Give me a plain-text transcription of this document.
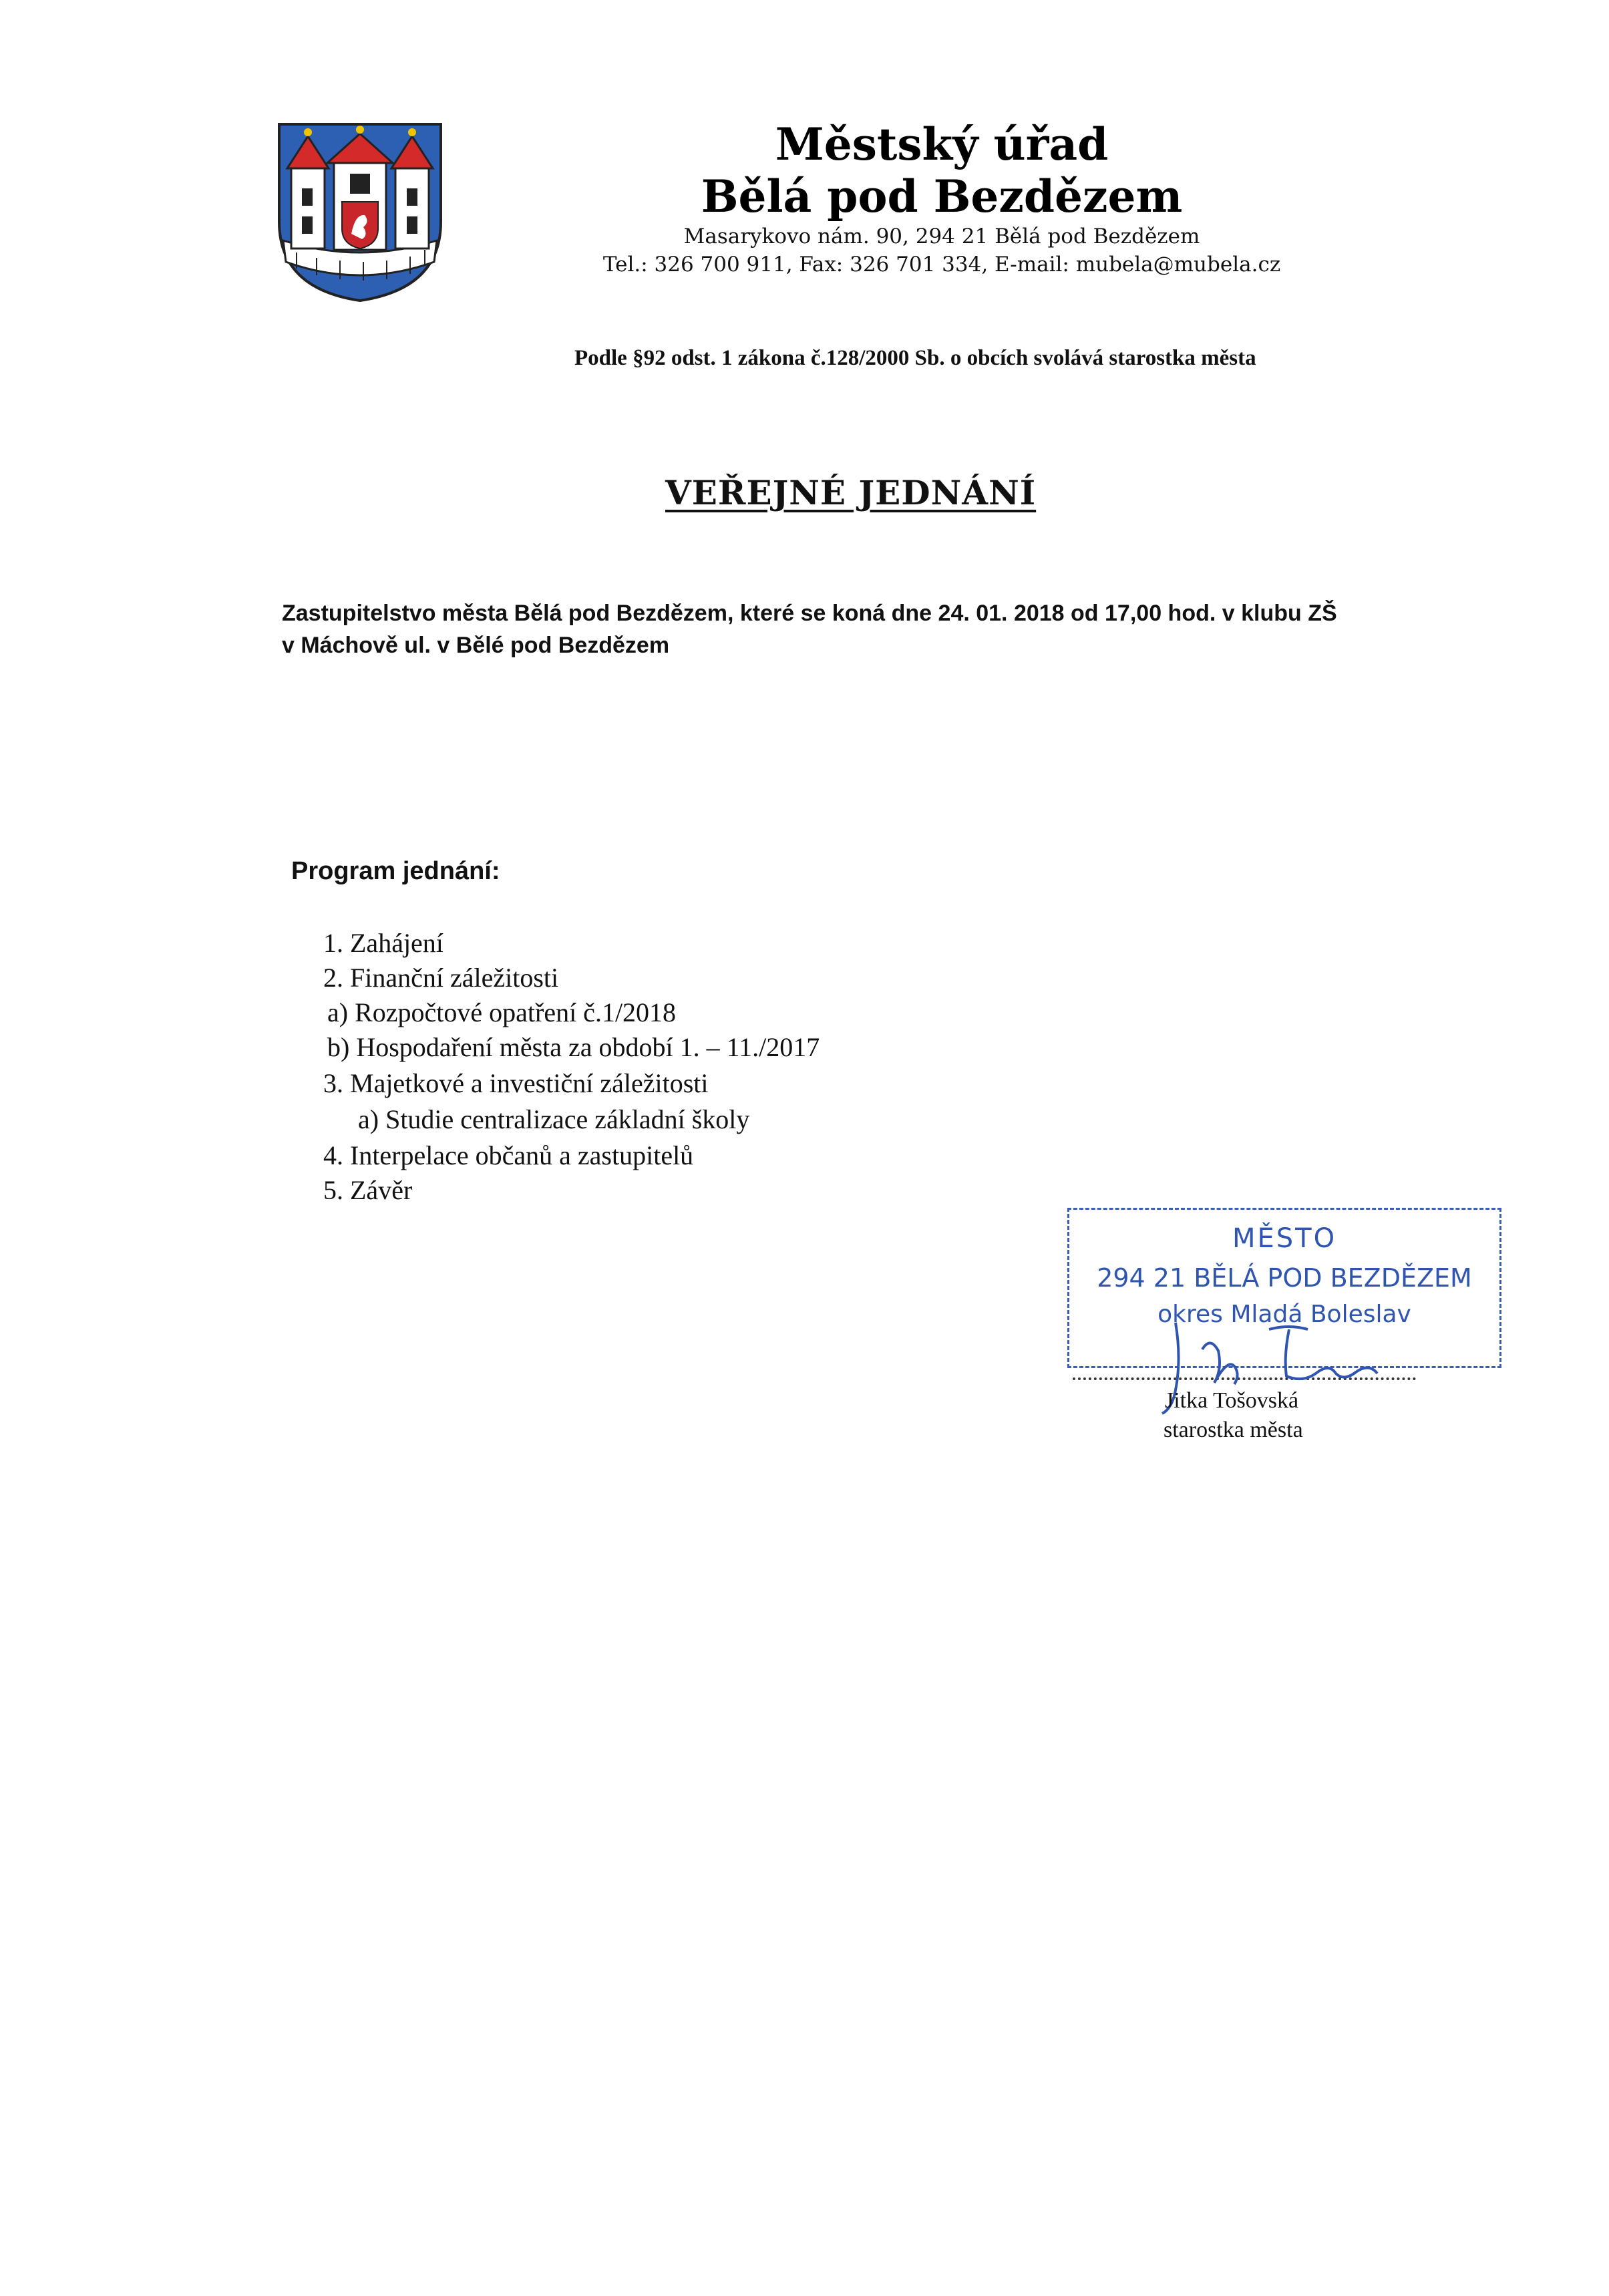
Městský úřad
Bělá pod Bezdězem
Masarykovo nám. 90, 294 21 Bělá pod Bezdězem
Tel.: 326 700 911, Fax: 326 701 334, E-mail: mubela@mubela.cz
Podle §92 odst. 1 zákona č.128/2000 Sb. o obcích svolává starostka města
VEŘEJNÉ JEDNÁNÍ
Zastupitelstvo města Bělá pod Bezdězem, které se koná dne 24. 01. 2018 od 17,00 hod. v klubu ZŠ
v Máchově ul. v Bělé pod Bezdězem
Program jednání:
1. Zahájení
2. Finanční záležitosti
a) Rozpočtové opatření č.1/2018
b) Hospodaření města za období 1. – 11./2017
3. Majetkové a investiční záležitosti
a) Studie centralizace základní školy
4. Interpelace občanů a zastupitelů
5. Závěr
MĚSTO
294 21 BĚLÁ POD BEZDĚZEM
okres Mladá Boleslav
Jitka Tošovská
starostka města
